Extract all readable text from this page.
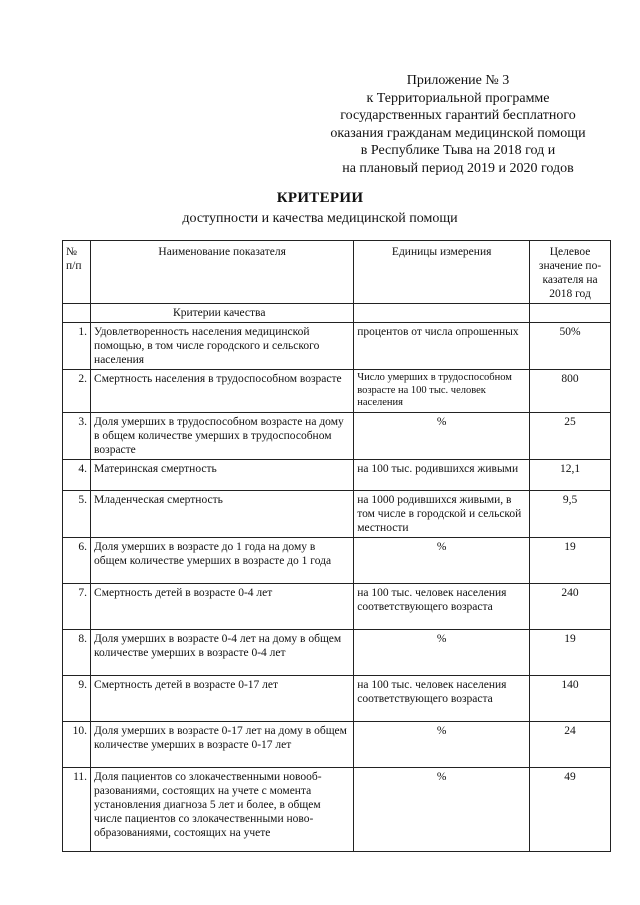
Приложение № 3
к Территориальной программе
государственных гарантий бесплатного
оказания гражданам медицинской помощи
в Республике Тыва на 2018 год и
на плановый период 2019 и 2020 годов
КРИТЕРИИ
доступности и качества медицинской помощи
№ п/п	Наименование показателя	Единицы измерения	Целевое значение показателя на 2018 год
	Критерии качества		
1.	Удовлетворенность населения медицинской помощью, в том числе городского и сельского населения	процентов от числа опрошенных	50%
2.	Смертность населения в трудоспособном возрасте	Число умерших в трудоспособном возрасте на 100 тыс. человек населения	800
3.	Доля умерших в трудоспособном возрасте на дому в общем количестве умерших в трудоспособном возрасте	%	25
4.	Материнская смертность	на 100 тыс. родившихся живыми	12,1
5.	Младенческая смертность	на 1000 родившихся живыми, в том числе в городской и сельской местности	9,5
6.	Доля умерших в возрасте до 1 года на дому в общем количестве умерших в возрасте до 1 года	%	19
7.	Смертность детей в возрасте 0-4 лет	на 100 тыс. человек населения соответствующего возраста	240
8.	Доля умерших в возрасте 0-4 лет на дому в общем количестве умерших в возрасте 0-4 лет	%	19
9.	Смертность детей в возрасте 0-17 лет	на 100 тыс. человек населения соответствующего возраста	140
10.	Доля умерших в возрасте 0-17 лет на дому в общем количестве умерших в возрасте 0-17 лет	%	24
11.	Доля пациентов со злокачественными новообразованиями, состоящих на учете с момента установления диагноза 5 лет и более, в общем числе пациентов со злокачественными новообразованиями, состоящих на учете	%	49
